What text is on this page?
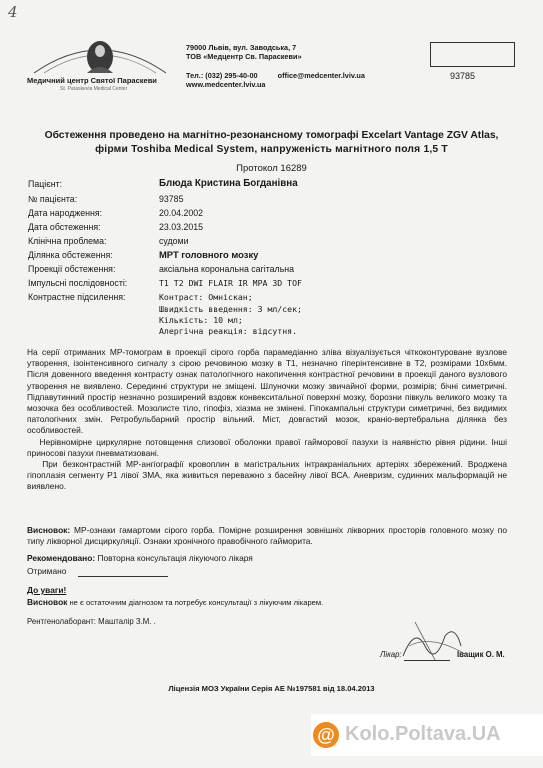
4
Медичний центр Святої Параскеви
St. Paraskevia Medical Center
79000 Львів, вул. Заводська, 7
ТОВ «Медцентр Св. Параскеви»
Тел.: (032) 295-40-00	office@medcenter.lviv.ua
www.medcenter.lviv.ua
93785
Обстеження проведено на магнітно-резонансному томографі Excelart Vantage ZGV Atlas,
фірми Toshiba Medical System, напруженість магнітного поля 1,5 Т
Протокол 16289
Пацієнт:	Блюда Кристина Богданівна
№ пацієнта:	93785
Дата народження:	20.04.2002
Дата обстеження:	23.03.2015
Клінічна проблема:	судоми
Ділянка обстеження:	МРТ головного мозку
Проекції обстеження:	аксіальна корональна сагітальна
Імпульсні послідовності:	T1 T2 DWI FLAIR IR MPA 3D TOF
Контрастне підсилення:	Контраст: Омніскан;
Швидкість введення: 3 мл/сек;
Кількість: 10 мл;
Алергічна реакція: відсутня.

На серії отриманих МР-томограм в проекції сірого горба парамедіанно зліва візуалізується чіткоконтуроване вузлове утворення, ізоінтенсивного сигналу з сірою речовиною мозку в Т1, незначно гіперінтенсивне в Т2, розмірами 10х6мм. Після довенного введення контрасту ознак патологічного накопичення контрастної речовини в проекції даного вузлового утворення не виявлено. Серединні структури не зміщені. Шлуночки мозку звичайної форми, розмірів; бічні симетричні. Підпавутинний простір незначно розширений вздовж конвекситальної поверхні мозку, борозни півкуль великого мозку та мозочка без особливостей. Мозолисте тіло, гіпофіз, хіазма не змінені. Гіпокампальні структури симетричні, без видимих патологічних змін. Ретробульбарний простір вільний. Міст, довгастий мозок, краніо-вертебральна ділянка без особливостей.

Нерівномірне циркулярне потовщення слизової оболонки правої гайморової пазухи із наявністю рівня рідини. Інші приносові пазухи пневматизовані.

При безконтрастній МР-ангіографії кровоплин в магістральних інтракраніальних артеріях збережений. Вроджена гіпоплазія сегменту Р1 лівої ЗМА, яка живиться переважно з басейну лівої ВСА. Аневризм, судинних мальформацій не виявлено.

Висновок: МР-ознаки гамартоми сірого горба. Помірне розширення зовнішніх лікворних просторів головного мозку по типу лікворної дисциркуляції. Ознаки хронічного правобічного гайморита.
Рекомендовано: Повторна консультація лікуючого лікаря
Отримано
До уваги!
Висновок не є остаточним діагнозом та потребує консультації з лікуючим лікарем.
Рентгенолаборант: Машталір З.М. .
Лікар:	Іващик О. М.
Ліцензія МОЗ України Серія АЕ №197581 від 18.04.2013
@ Kolo.Poltava.UA
